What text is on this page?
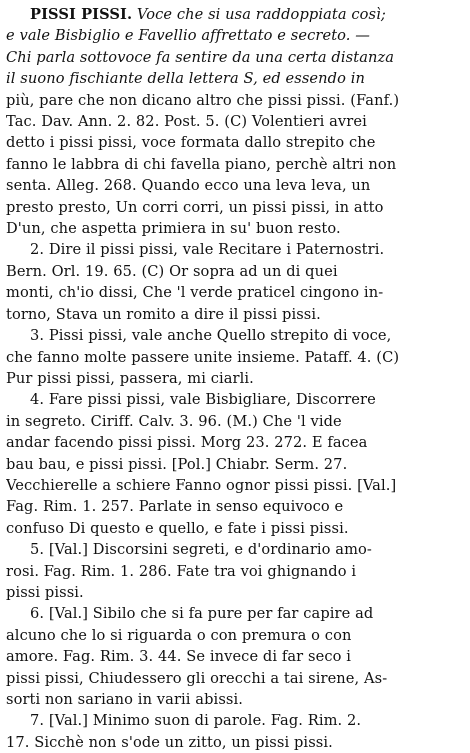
PISSI PISSI. Voce che si usa raddoppiata così;
e vale Bisbiglio e Favellio affrettato e secreto. —
Chi parla sottovoce fa sentire da una certa distanza
il suono fischiante della lettera S, ed essendo in
più, pare che non dicano altro che pissi pissi. (Fanf.)
Tac. Dav. Ann. 2. 82. Post. 5. (C) Volentieri avrei
detto i pissi pissi, voce formata dallo strepito che
fanno le labbra di chi favella piano, perchè altri non
senta. Alleg. 268. Quando ecco una leva leva, un
presto presto, Un corri corri, un pissi pissi, in atto
D'un, che aspetta primiera in su' buon resto.
2. Dire il pissi pissi, vale Recitare i Paternostri.
Bern. Orl. 19. 65. (C) Or sopra ad un di quei
monti, ch'io dissi, Che 'l verde praticel cingono in-
torno, Stava un romito a dire il pissi pissi.
3. Pissi pissi, vale anche Quello strepito di voce,
che fanno molte passere unite insieme. Pataff. 4. (C)
Pur pissi pissi, passera, mi ciarli.
4. Fare pissi pissi, vale Bisbigliare, Discorrere
in segreto. Ciriff. Calv. 3. 96. (M.) Che 'l vide
andar facendo pissi pissi. Morg 23. 272. E facea
bau bau, e pissi pissi. [Pol.] Chiabr. Serm. 27.
Vecchierelle a schiere Fanno ognor pissi pissi. [Val.]
Fag. Rim. 1. 257. Parlate in senso equivoco e
confuso Di questo e quello, e fate i pissi pissi.
5. [Val.] Discorsini segreti, e d'ordinario amo-
rosi. Fag. Rim. 1. 286. Fate tra voi ghignando i
pissi pissi.
6. [Val.] Sibilo che si fa pure per far capire ad
alcuno che lo si riguarda o con premura o con
amore. Fag. Rim. 3. 44. Se invece di far seco i
pissi pissi, Chiudessero gli orecchi a tai sirene, As-
sorti non sariano in varii abissi.
7. [Val.] Minimo suon di parole. Fag. Rim. 2.
17. Sicchè non s'ode un zitto, un pissi pissi.
